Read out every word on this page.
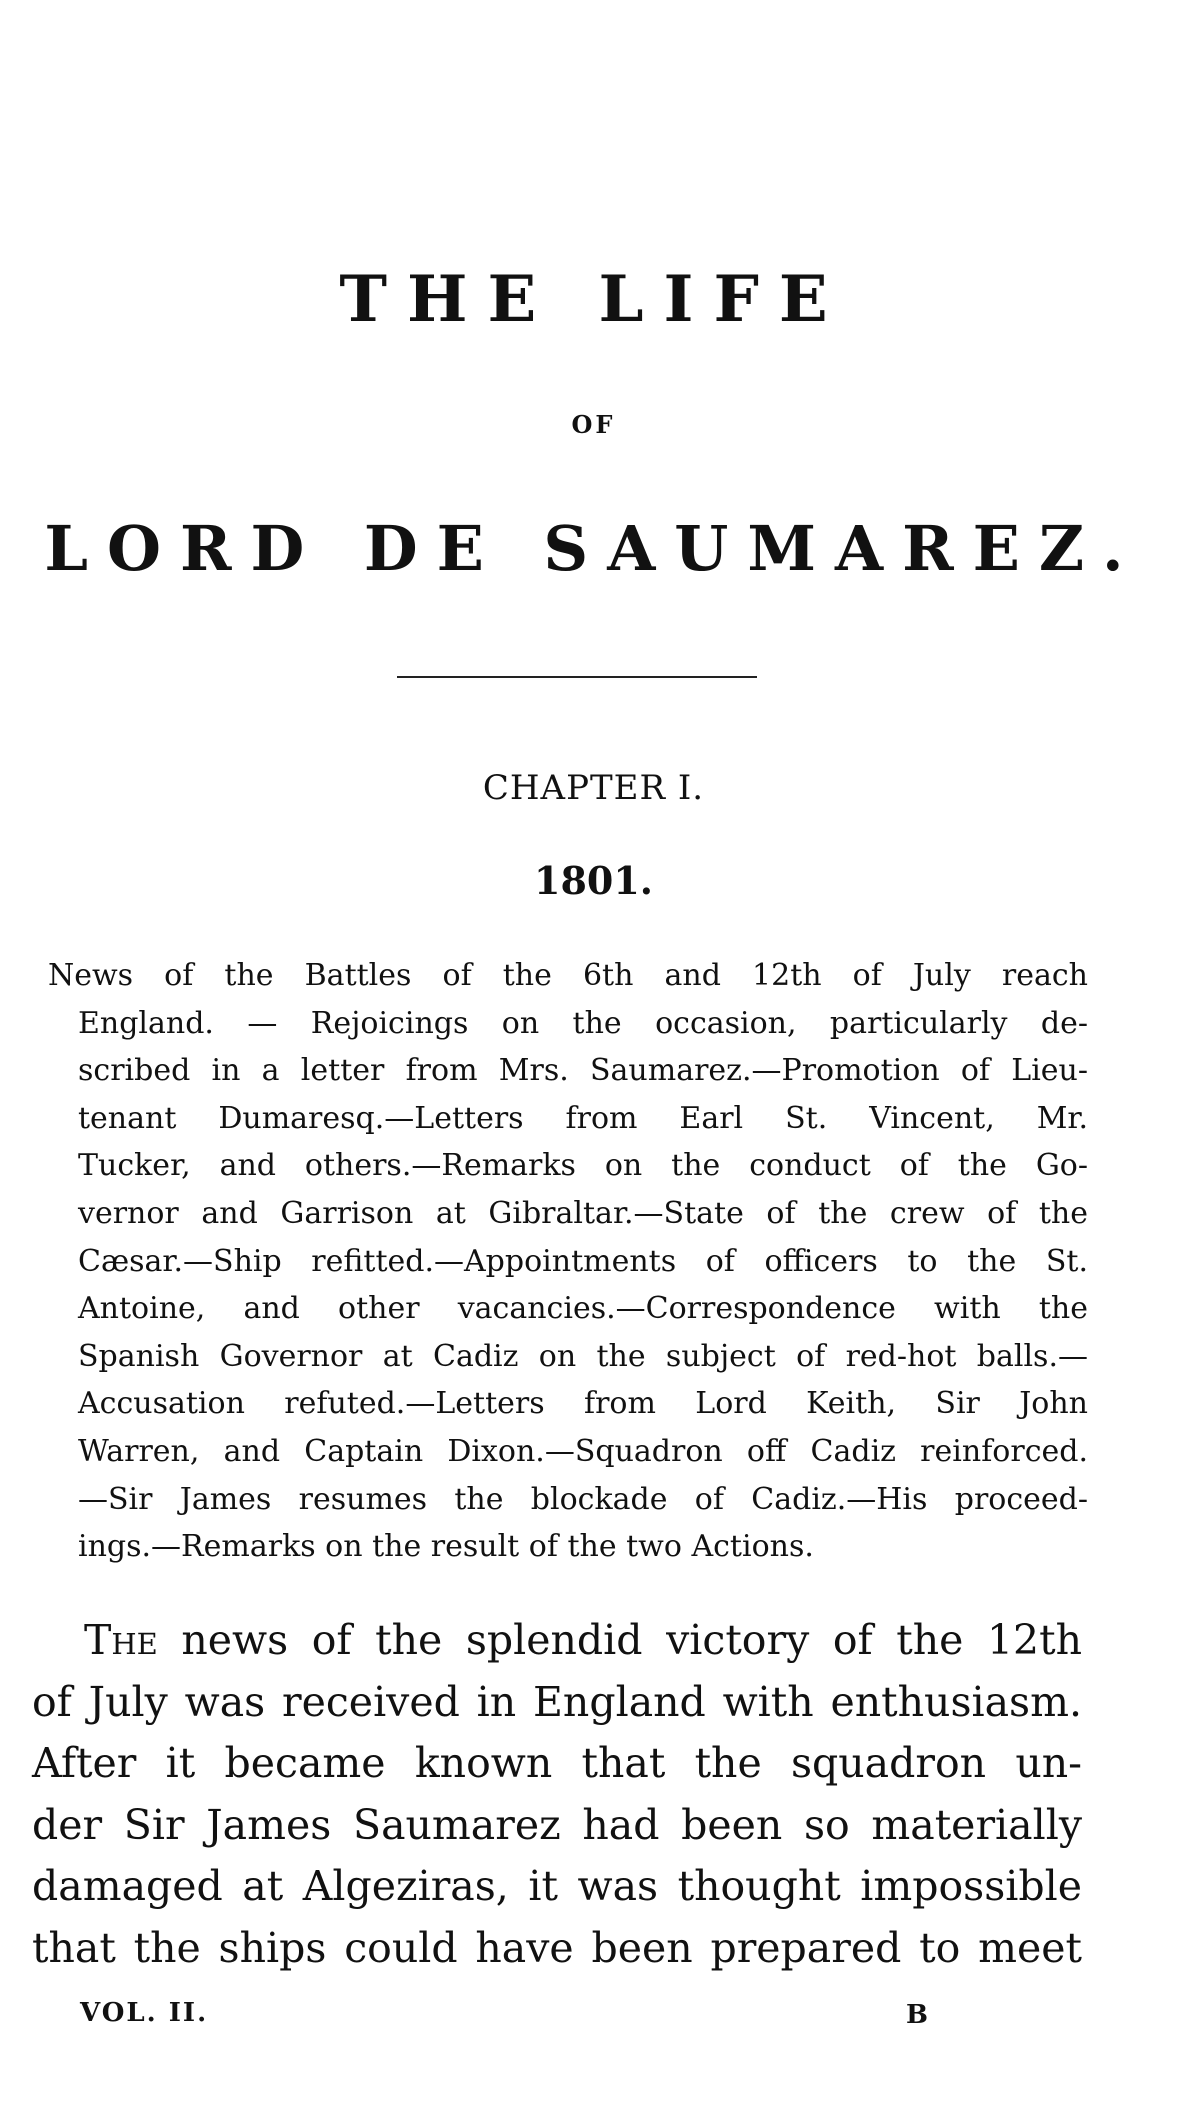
THE LIFE
OF
LORD DE SAUMAREZ.
CHAPTER I.
1801.
News of the Battles of the 6th and 12th of July reach
England. — Rejoicings on the occasion, particularly de-
scribed in a letter from Mrs. Saumarez.—Promotion of Lieu-
tenant Dumaresq.—Letters from Earl St. Vincent, Mr.
Tucker, and others.—Remarks on the conduct of the Go-
vernor and Garrison at Gibraltar.—State of the crew of the
Cæsar.—Ship refitted.—Appointments of officers to the St.
Antoine, and other vacancies.—Correspondence with the
Spanish Governor at Cadiz on the subject of red-hot balls.—
Accusation refuted.—Letters from Lord Keith, Sir John
Warren, and Captain Dixon.—Squadron off Cadiz reinforced.
—Sir James resumes the blockade of Cadiz.—His proceed-
ings.—Remarks on the result of the two Actions.
The news of the splendid victory of the 12th
of July was received in England with enthusiasm.
After it became known that the squadron un-
der Sir James Saumarez had been so materially
damaged at Algeziras, it was thought impossible
that the ships could have been prepared to meet
VOL. II.	B
